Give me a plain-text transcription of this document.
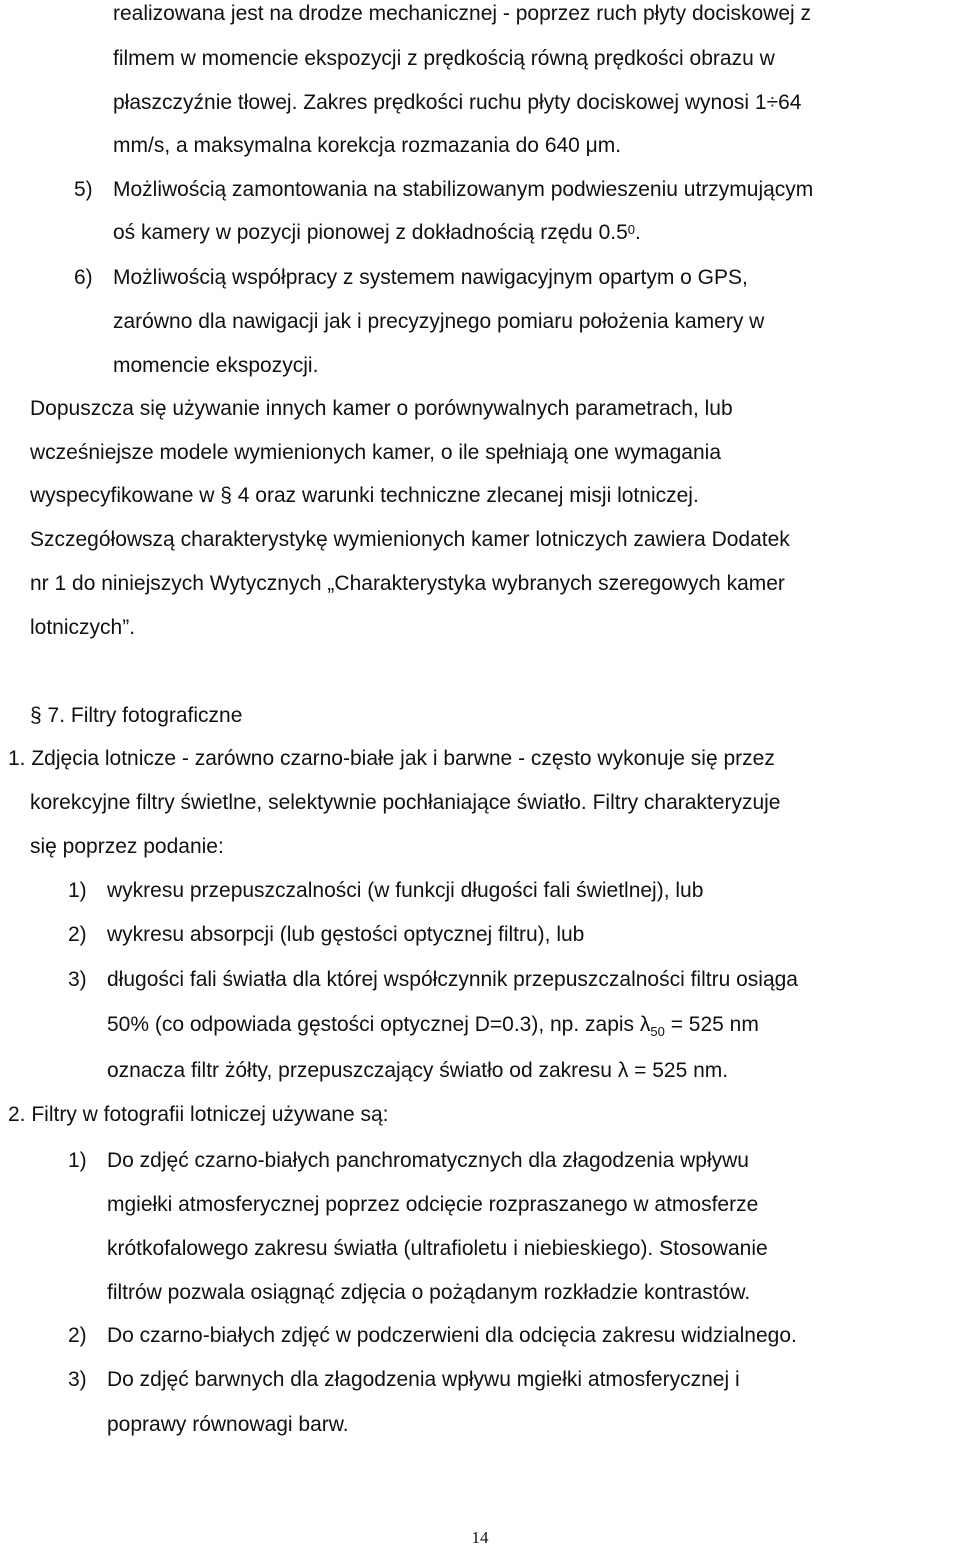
realizowana jest na drodze mechanicznej - poprzez ruch płyty dociskowej z
filmem w momencie ekspozycji z prędkością równą prędkości obrazu w
płaszczyźnie tłowej. Zakres prędkości ruchu płyty dociskowej wynosi 1÷64
mm/s, a maksymalna korekcja rozmazania do 640 μm.
5) Możliwością zamontowania na stabilizowanym podwieszeniu utrzymującym
oś kamery w pozycji pionowej z dokładnością rzędu $0.5^0$.
6) Możliwością współpracy z systemem nawigacyjnym opartym o GPS,
zarówno dla nawigacji jak i precyzyjnego pomiaru położenia kamery w
momencie ekspozycji.
Dopuszcza się używanie innych kamer o porównywalnych parametrach, lub
wcześniejsze modele wymienionych kamer, o ile spełniają one wymagania
wyspecyfikowane w § 4 oraz warunki techniczne zlecanej misji lotniczej.
Szczegółowszą charakterystykę wymienionych kamer lotniczych zawiera Dodatek
nr 1 do niniejszych Wytycznych „Charakterystyka wybranych szeregowych kamer
lotniczych”.
§ 7. Filtry fotograficzne
1. Zdjęcia lotnicze - zarówno czarno-białe jak i barwne - często wykonuje się przez
korekcyjne filtry świetlne, selektywnie pochłaniające światło. Filtry charakteryzuje
się poprzez podanie:
1) wykresu przepuszczalności (w funkcji długości fali świetlnej), lub
2) wykresu absorpcji (lub gęstości optycznej filtru), lub
3) długości fali światła dla której współczynnik przepuszczalności filtru osiąga
50% (co odpowiada gęstości optycznej D=0.3), np. zapis $\lambda_{50} = 525$ nm
oznacza filtr żółty, przepuszczający światło od zakresu λ = 525 nm.
2. Filtry w fotografii lotniczej używane są:
1) Do zdjęć czarno-białych panchromatycznych dla złagodzenia wpływu
mgiełki atmosferycznej poprzez odcięcie rozpraszanego w atmosferze
krótkofalowego zakresu światła (ultrafioletu i niebieskiego). Stosowanie
filtrów pozwala osiągnąć zdjęcia o pożądanym rozkładzie kontrastów.
2) Do czarno-białych zdjęć w podczerwieni dla odcięcia zakresu widzialnego.
3) Do zdjęć barwnych dla złagodzenia wpływu mgiełki atmosferycznej i
poprawy równowagi barw.
14
